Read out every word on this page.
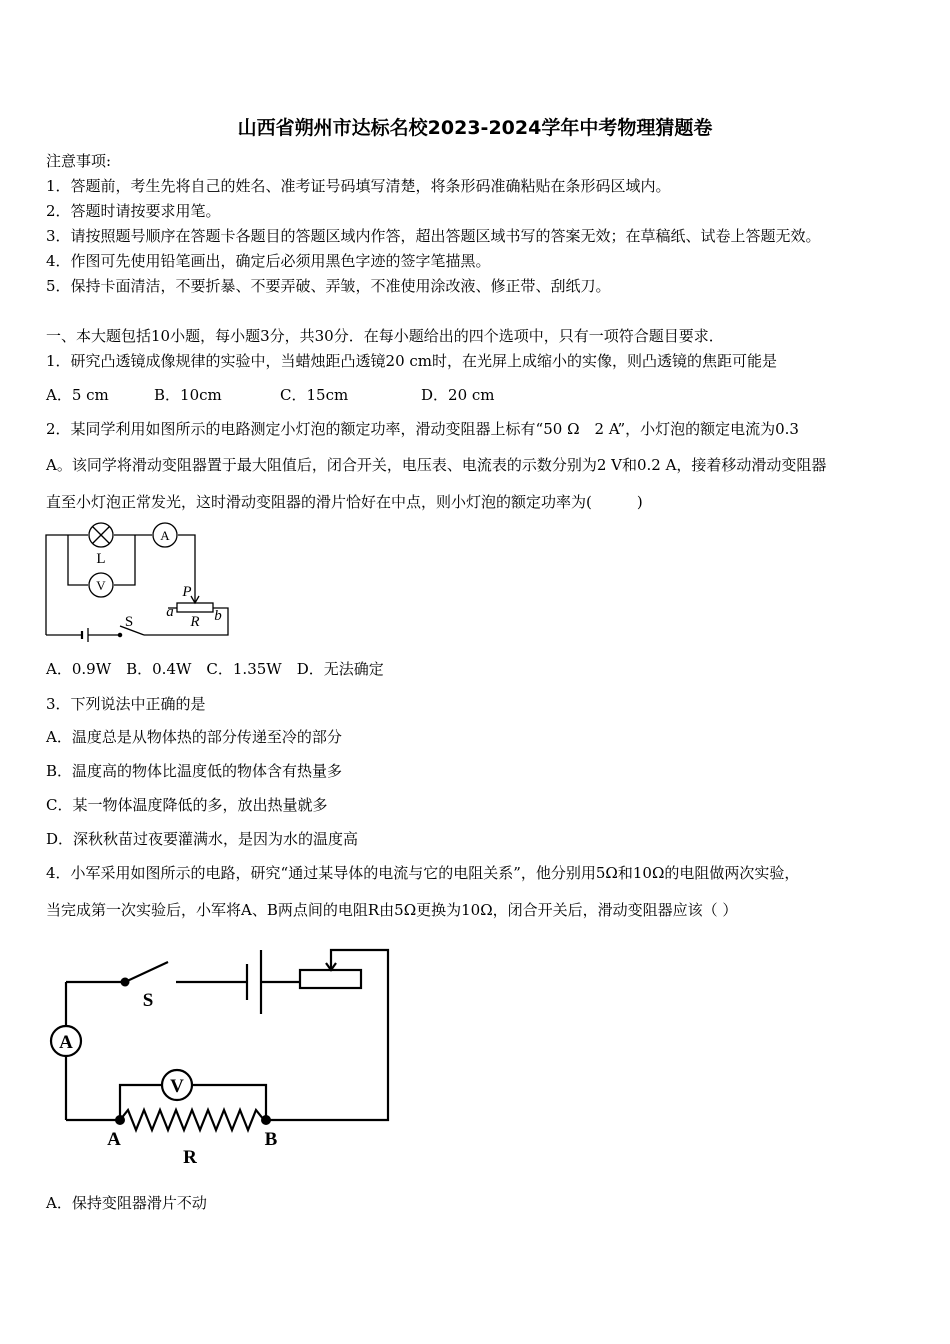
山西省朔州市达标名校2023-2024学年中考物理猜题卷
注意事项:
1．答题前，考生先将自己的姓名、准考证号码填写清楚，将条形码准确粘贴在条形码区域内。
2．答题时请按要求用笔。
3．请按照题号顺序在答题卡各题目的答题区域内作答，超出答题区域书写的答案无效；在草稿纸、试卷上答题无效。
4．作图可先使用铅笔画出，确定后必须用黑色字迹的签字笔描黑。
5．保持卡面清洁，不要折暴、不要弄破、弄皱，不准使用涂改液、修正带、刮纸刀。
一、本大题包括10小题，每小题3分，共30分．在每小题给出的四个选项中，只有一项符合题目要求．
1．研究凸透镜成像规律的实验中，当蜡烛距凸透镜20 cm时，在光屏上成缩小的实像，则凸透镜的焦距可能是
A．5 cm	B．10cm	C．15cm	D．20 cm
2．某同学利用如图所示的电路测定小灯泡的额定功率，滑动变阻器上标有“50 Ω　2 A”，小灯泡的额定电流为0.3
A。该同学将滑动变阻器置于最大阻值后，闭合开关，电压表、电流表的示数分别为2 V和0.2 A，接着移动滑动变阻器
直至小灯泡正常发光，这时滑动变阻器的滑片恰好在中点，则小灯泡的额定功率为(　　　)
L
A
V
S
P
a
R b
A．0.9W　B．0.4W　C．1.35W　D．无法确定
3．下列说法中正确的是
A．温度总是从物体热的部分传递至冷的部分
B．温度高的物体比温度低的物体含有热量多
C．某一物体温度降低的多，放出热量就多
D．深秋秋苗过夜要灌满水，是因为水的温度高
4．小军采用如图所示的电路，研究“通过某导体的电流与它的电阻关系”，他分别用5Ω和10Ω的电阻做两次实验，
当完成第一次实验后，小军将A、B两点间的电阻R由5Ω更换为10Ω，闭合开关后，滑动变阻器应该（ ）
S
A
V
A	B
R
A．保持变阻器滑片不动
